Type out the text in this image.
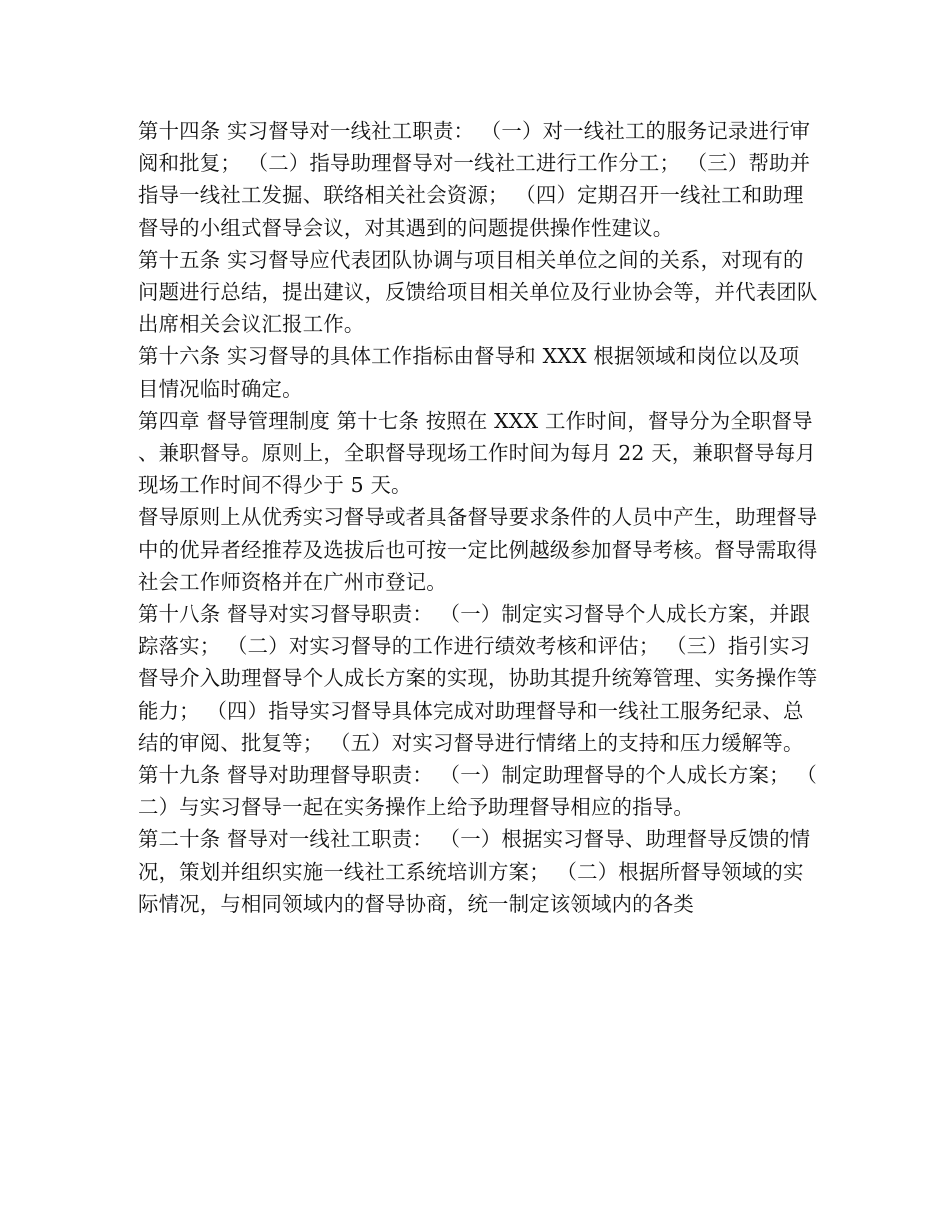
第十四条 实习督导对一线社工职责： （一）对一线社工的服务记录进行审阅和批复； （二）指导助理督导对一线社工进行工作分工； （三）帮助并指导一线社工发掘、联络相关社会资源； （四）定期召开一线社工和助理督导的小组式督导会议，对其遇到的问题提供操作性建议。

第十五条 实习督导应代表团队协调与项目相关单位之间的关系，对现有的问题进行总结，提出建议，反馈给项目相关单位及行业协会等，并代表团队出席相关会议汇报工作。

第十六条 实习督导的具体工作指标由督导和 XXX 根据领域和岗位以及项目情况临时确定。

第四章 督导管理制度 第十七条 按照在 XXX 工作时间，督导分为全职督导、兼职督导。原则上，全职督导现场工作时间为每月 22 天，兼职督导每月现场工作时间不得少于 5 天。

督导原则上从优秀实习督导或者具备督导要求条件的人员中产生，助理督导中的优异者经推荐及选拔后也可按一定比例越级参加督导考核。督导需取得社会工作师资格并在广州市登记。

第十八条 督导对实习督导职责： （一）制定实习督导个人成长方案，并跟踪落实； （二）对实习督导的工作进行绩效考核和评估； （三）指引实习督导介入助理督导个人成长方案的实现，协助其提升统筹管理、实务操作等能力； （四）指导实习督导具体完成对助理督导和一线社工服务纪录、总结的审阅、批复等； （五）对实习督导进行情绪上的支持和压力缓解等。

第十九条 督导对助理督导职责： （一）制定助理督导的个人成长方案； （二）与实习督导一起在实务操作上给予助理督导相应的指导。

第二十条 督导对一线社工职责： （一）根据实习督导、助理督导反馈的情况，策划并组织实施一线社工系统培训方案； （二）根据所督导领域的实际情况，与相同领域内的督导协商，统一制定该领域内的各类
